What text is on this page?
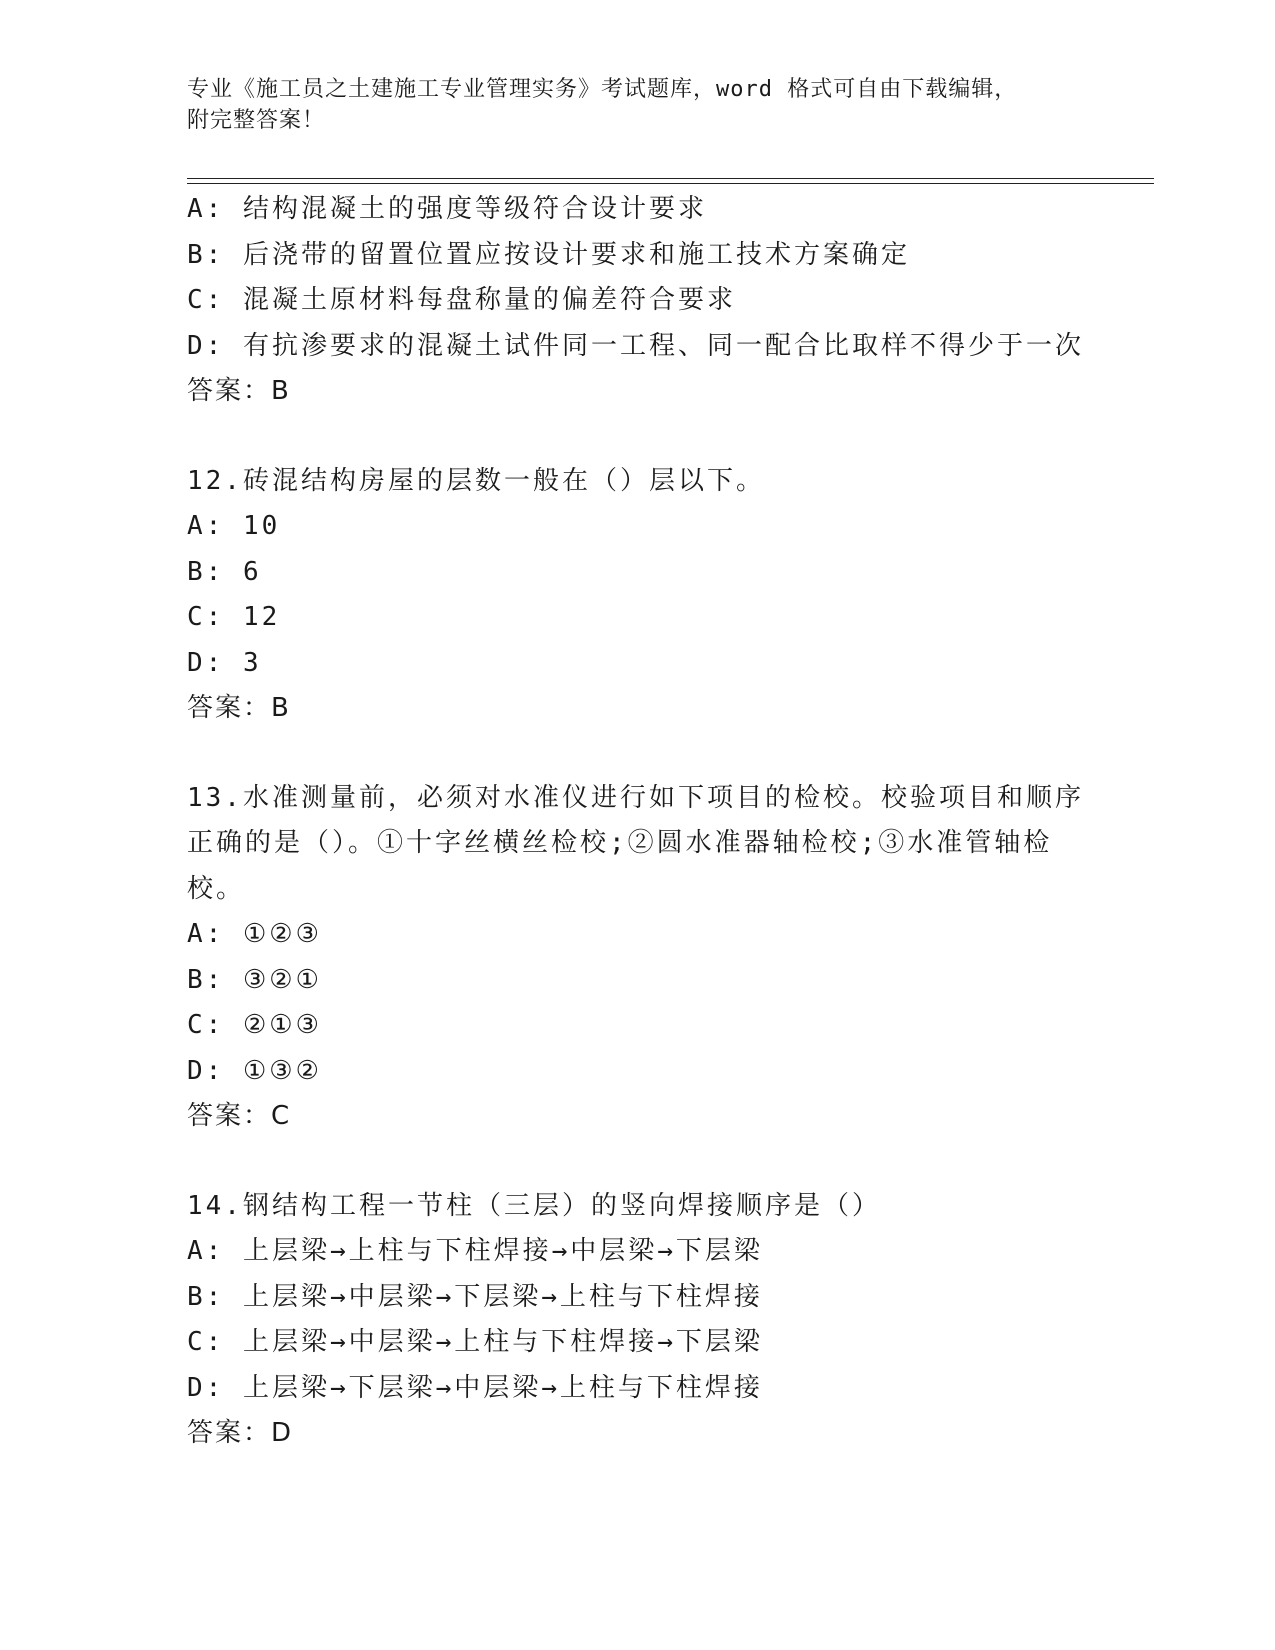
专业《施工员之土建施工专业管理实务》考试题库，word 格式可自由下载编辑，
附完整答案！
A: 结构混凝土的强度等级符合设计要求
B: 后浇带的留置位置应按设计要求和施工技术方案确定
C: 混凝土原材料每盘称量的偏差符合要求
D: 有抗渗要求的混凝土试件同一工程、同一配合比取样不得少于一次
答案：B
12.砖混结构房屋的层数一般在（）层以下。
A: 10
B: 6
C: 12
D: 3
答案：B
13.水准测量前，必须对水准仪进行如下项目的检校。校验项目和顺序
正确的是（）。①十字丝横丝检校;②圆水准器轴检校;③水准管轴检
校。
A: ①②③
B: ③②①
C: ②①③
D: ①③②
答案：C
14.钢结构工程一节柱（三层）的竖向焊接顺序是（）
A: 上层梁→上柱与下柱焊接→中层梁→下层梁
B: 上层梁→中层梁→下层梁→上柱与下柱焊接
C: 上层梁→中层梁→上柱与下柱焊接→下层梁
D: 上层梁→下层梁→中层梁→上柱与下柱焊接
答案：D
